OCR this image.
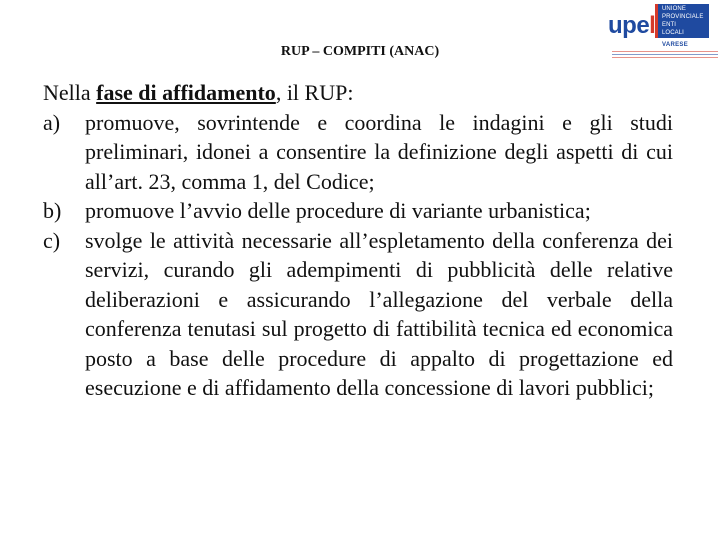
RUP – COMPITI (ANAC)
upel
UNIONE
PROVINCIALE
ENTI
LOCALI
VARESE

Nella fase di affidamento, il RUP:

a) promuove, sovrintende e coordina le indagini e gli studi preliminari, idonei a consentire la definizione degli aspetti di cui all’art. 23, comma 1, del Codice;
b) promuove l’avvio delle procedure di variante urbanistica;
c) svolge le attività necessarie all’espletamento della conferenza dei servizi, curando gli adempimenti di pubblicità delle relative deliberazioni e assicurando l’allegazione del verbale della conferenza tenutasi sul progetto di fattibilità tecnica ed economica posto a base delle procedure di appalto di progettazione ed esecuzione e di affidamento della concessione di lavori pubblici;
